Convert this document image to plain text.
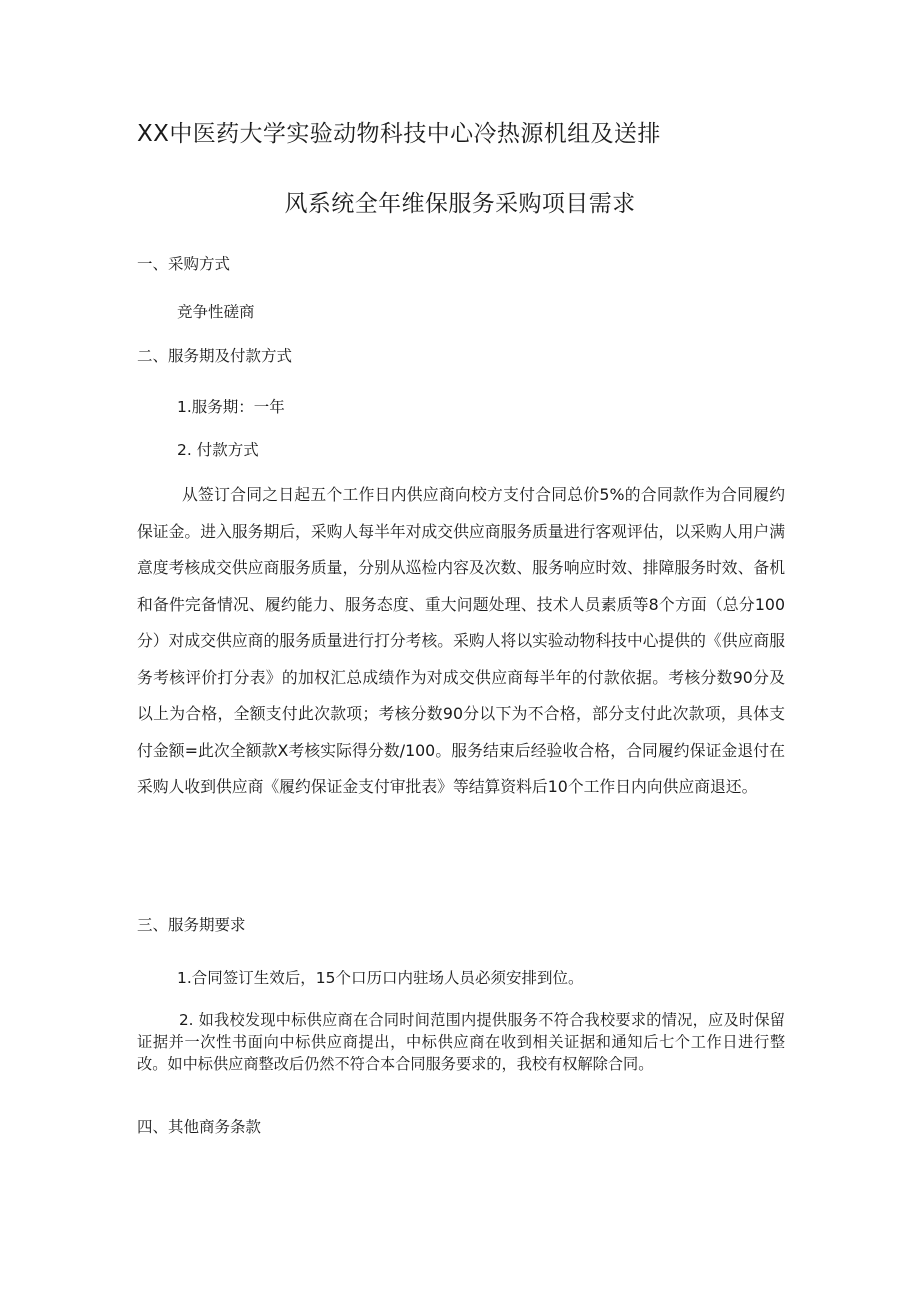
XX中医药大学实验动物科技中心冷热源机组及送排
风系统全年维保服务采购项目需求
一、采购方式
竞争性磋商
二、服务期及付款方式
1.服务期：一年
2. 付款方式
从签订合同之日起五个工作日内供应商向校方支付合同总价5%的合同款作为合同履约保证金。进入服务期后，采购人每半年对成交供应商服务质量进行客观评估，以采购人用户满意度考核成交供应商服务质量，分别从巡检内容及次数、服务响应时效、排障服务时效、备机和备件完备情况、履约能力、服务态度、重大问题处理、技术人员素质等8个方面（总分100分）对成交供应商的服务质量进行打分考核。采购人将以实验动物科技中心提供的《供应商服务考核评价打分表》的加权汇总成绩作为对成交供应商每半年的付款依据。考核分数90分及以上为合格，全额支付此次款项；考核分数90分以下为不合格，部分支付此次款项，具体支付金额=此次全额款X考核实际得分数/100。服务结束后经验收合格，合同履约保证金退付在采购人收到供应商《履约保证金支付审批表》等结算资料后10个工作日内向供应商退还。
三、服务期要求
1.合同签订生效后，15个口历口内驻场人员必须安排到位。
2. 如我校发现中标供应商在合同时间范围内提供服务不符合我校要求的情况，应及时保留证据并一次性书面向中标供应商提出，中标供应商在收到相关证据和通知后七个工作日进行整改。如中标供应商整改后仍然不符合本合同服务要求的，我校有权解除合同。
四、其他商务条款
